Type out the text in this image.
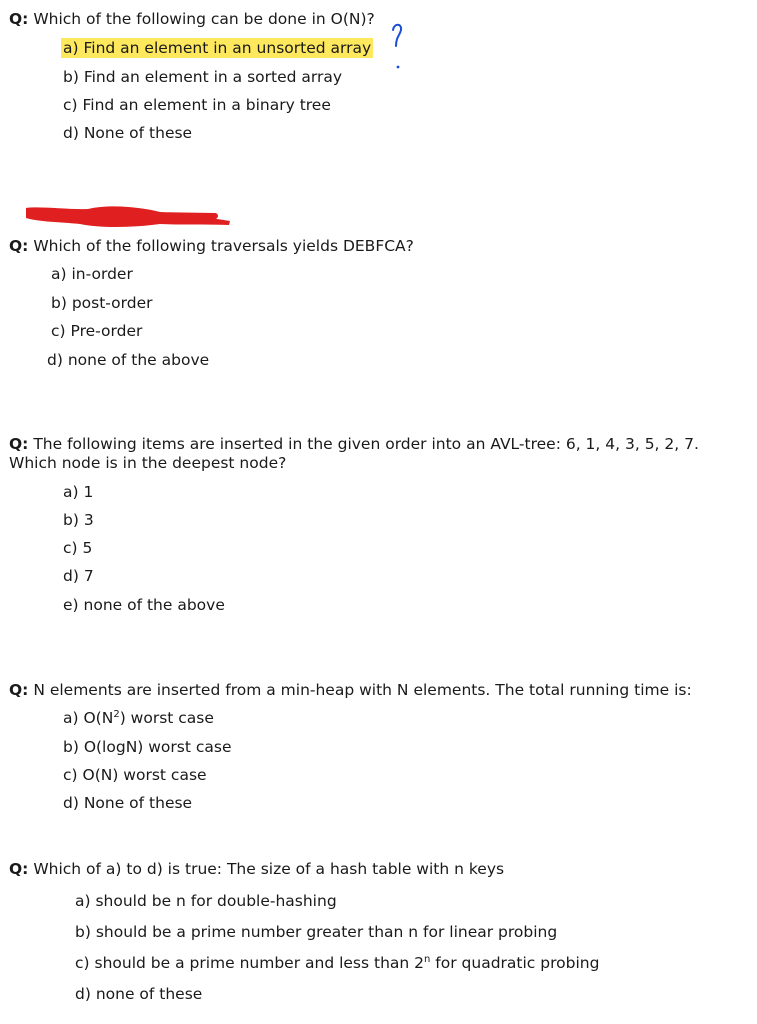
Q: Which of the following can be done in O(N)?
a) Find an element in an unsorted array
b) Find an element in a sorted array
c) Find an element in a binary tree
d) None of these
Q: Which of the following traversals yields DEBFCA?
a) in-order
b) post-order
c) Pre-order
d) none of the above
Q: The following items are inserted in the given order into an AVL-tree: 6, 1, 4, 3, 5, 2, 7. Which node is in the deepest node?
a) 1
b) 3
c) 5
d) 7
e) none of the above
Q: N elements are inserted from a min-heap with N elements. The total running time is:
a) $O(N^2)$ worst case
b) O(logN) worst case
c) O(N) worst case
d) None of these
Q: Which of a) to d) is true: The size of a hash table with n keys
a) should be n for double-hashing
b) should be a prime number greater than n for linear probing
c) should be a prime number and less than 2$^n$ for quadratic probing
d) none of these
